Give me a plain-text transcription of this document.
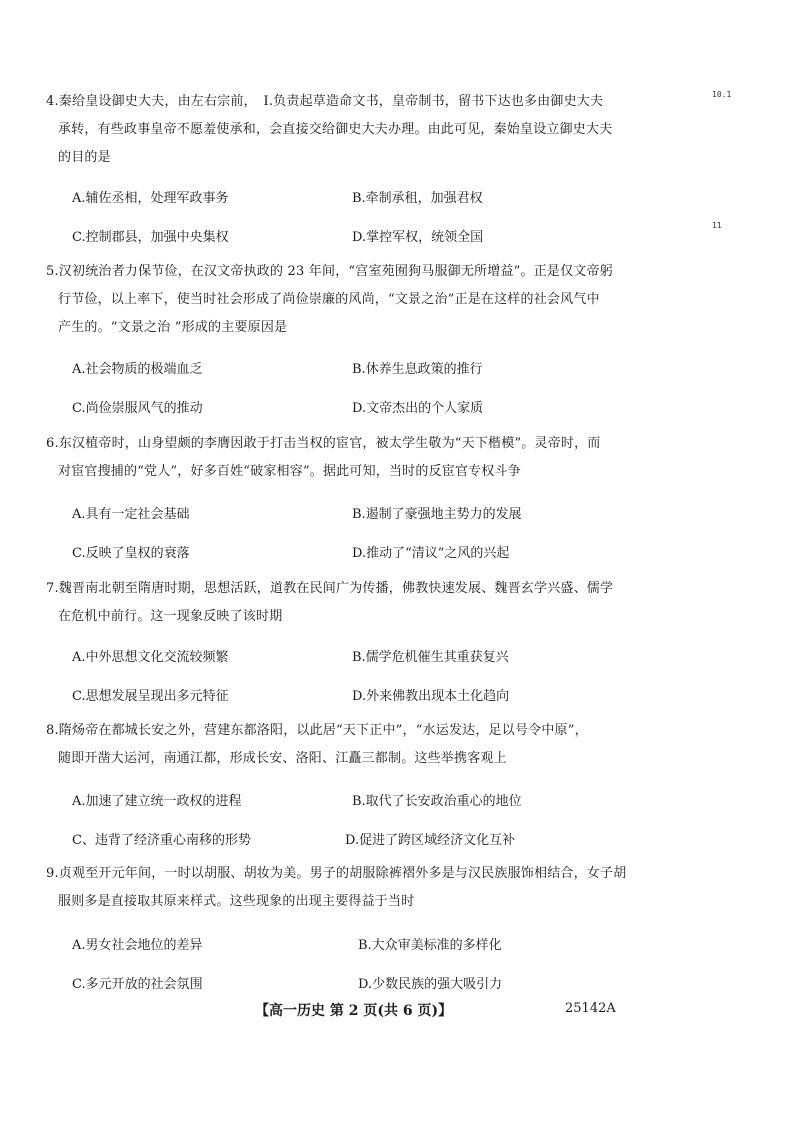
10.1
11
4.秦给皇设御史大夫，由左右宗前，　Ⅰ.负责起草造命文书，皇帝制书，留书下达也多由御史大夫
承转，有些政事皇帝不愿羞使承和，会直接交给御史大夫办理。由此可见，秦始皇设立御史大夫
的目的是
A.辅佐丞相，处理军政事务	B.牵制承租，加强君权
C.控制郡县，加强中央集权	D.掌控军权，统领全国
5.汉初统治者力保节俭，在汉文帝执政的 23 年间，“宫室苑囿狗马服御无所增益”。正是仅文帝躬
行节俭，以上率下，使当时社会形成了尚俭崇廉的风尚，“文景之治”正是在这样的社会风气中
产生的。“文景之治 ”形成的主要原因是
A.社会物质的极端血乏	B.休养生息政策的推行
C.尚俭崇服风气的推动	D.文帝杰出的个人家质
6.东汉植帝时，山身望颇的李膺因敢于打击当权的宦官，被太学生敬为“天下楷模”。灵帝时，而
对宦官搜捕的“党人”，好多百姓“破家相容”。据此可知，当时的反宦官专权斗争
A.具有一定社会基础	B.遏制了豪强地主势力的发展
C.反映了皇权的衰落	D.推动了“清议”之风的兴起
7.魏晋南北朝至隋唐时期，思想活跃，道教在民间广为传播，佛教快速发展、魏晋玄学兴盛、儒学
在危机中前行。这一现象反映了该时期
A.中外思想文化交流较频繁	B.儒学危机催生其重获复兴
C.思想发展呈现出多元特征	D.外来佛教出现本土化趋向
8.隋炀帝在都城长安之外，营建东都洛阳，以此居“天下正中”，“水运发达，足以号令中原”，
随即开凿大运河，南通江都，形成长安、洛阳、江矗三都制。这些举携客观上
A.加速了建立统一政权的进程	B.取代了长安政治重心的地位
C、违背了经济重心南移的形势	D.促进了跨区域经济文化互补
9.贞观至开元年间，一时以胡服、胡妆为美。男子的胡服除裤褶外多是与汉民族服饰相结合，女子胡
服则多是直接取其原来样式。这些现象的出现主要得益于当时
A.男女社会地位的差异	B.大众审美标准的多样化
C.多元开放的社会氛围	D.少数民族的强大吸引力
【高一历史 第 2 页(共 6 页)】	25142A
